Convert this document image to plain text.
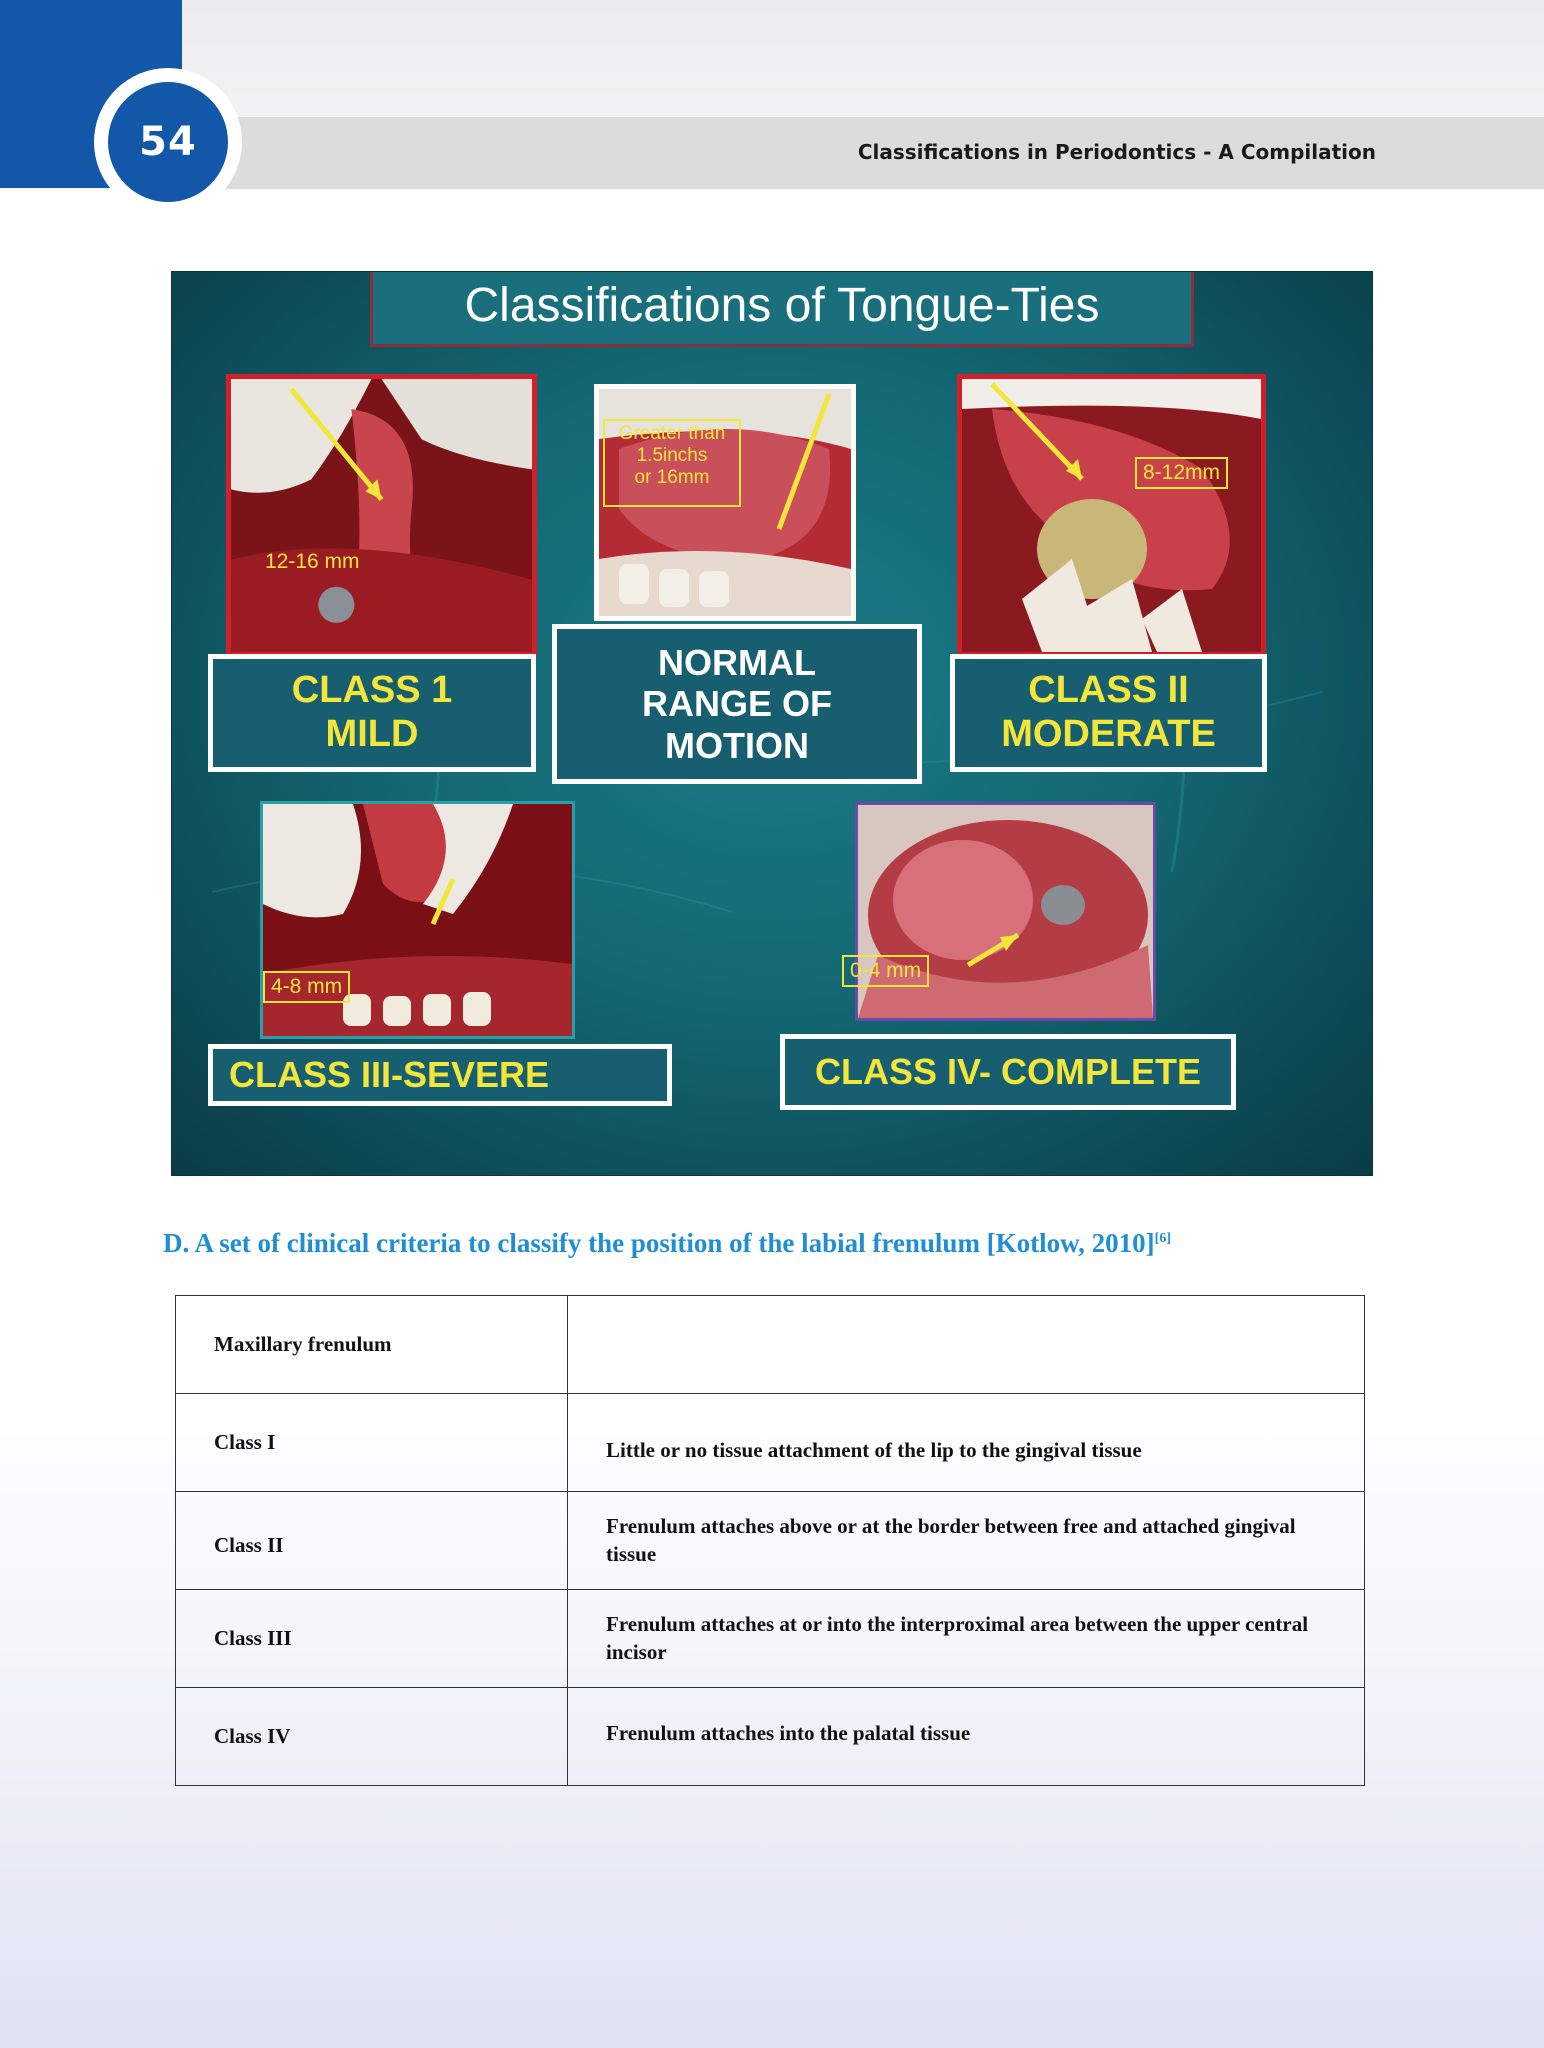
54	Classifications in Periodontics - A Compilation
Classifications of Tongue-Ties
12-16 mm
Greater than
1.5inchs
or 16mm	8-12mm
4-8 mm
0-4 mm
CLASS 1
MILD
NORMAL
RANGE OF
MOTION
CLASS II
MODERATE
CLASS III-SEVERE	CLASS IV- COMPLETE
D. A set of clinical criteria to classify the position of the labial frenulum [Kotlow, 2010][6]
Maxillary frenulum	
Class I	Little or no tissue attachment of the lip to the gingival tissue
Class II	Frenulum attaches above or at the border between free and attached gingival tissue
Class III	Frenulum attaches at or into the interproximal area between the upper central incisor
Class IV	Frenulum attaches into the palatal tissue
